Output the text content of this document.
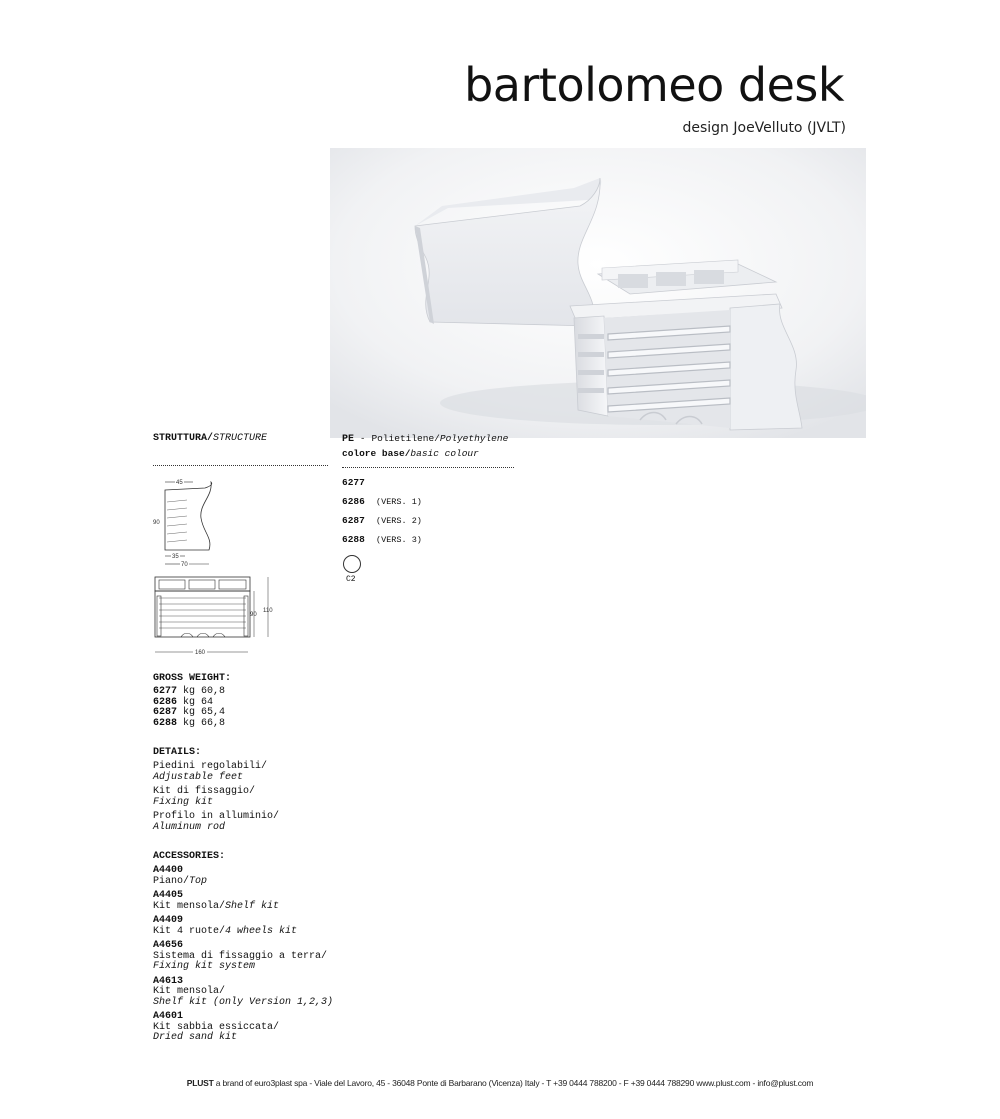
bartolomeo desk
design JoeVelluto (JVLT)
STRUTTURA/STRUCTURE
45
90
35
70
90
110
160
GROSS WEIGHT:
6277 kg 60,8
6286 kg 64
6287 kg 65,4
6288 kg 66,8
DETAILS:
Piedini regolabili/
Adjustable feet
Kit di fissaggio/
Fixing kit
Profilo in alluminio/
Aluminum rod
ACCESSORIES:
A4400
Piano/Top
A4405
Kit mensola/Shelf kit
A4409
Kit 4 ruote/4 wheels kit
A4656
Sistema di fissaggio a terra/
Fixing kit system
A4613
Kit mensola/
Shelf kit (only Version 1,2,3)
A4601
Kit sabbia essiccata/
Dried sand kit
PE - Polietilene/Polyethylene
colore base/basic colour
6277
6286 (VERS. 1)
6287 (VERS. 2)
6288 (VERS. 3)
C2
PLUST a brand of euro3plast spa - Viale del Lavoro, 45 - 36048 Ponte di Barbarano (Vicenza) Italy - T +39 0444 788200 - F +39 0444 788290 www.plust.com - info@plust.com
